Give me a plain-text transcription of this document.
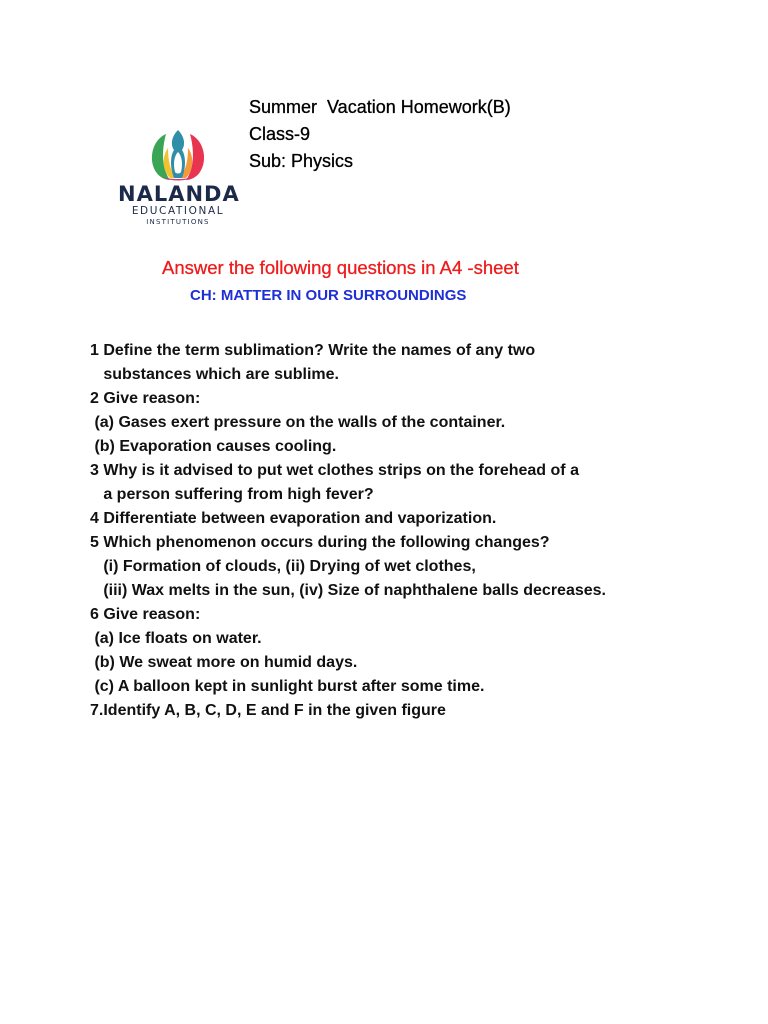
NALANDA
EDUCATIONAL
INSTITUTIONS
Summer  Vacation Homework(B)
Class-9
Sub: Physics
Answer the following questions in A4 -sheet
CH: MATTER IN OUR SURROUNDINGS
1 Define the term sublimation? Write the names of any two
substances which are sublime.
2 Give reason:
(a) Gases exert pressure on the walls of the container.
(b) Evaporation causes cooling.
3 Why is it advised to put wet clothes strips on the forehead of a
a person suffering from high fever?
4 Differentiate between evaporation and vaporization.
5 Which phenomenon occurs during the following changes?
(i) Formation of clouds, (ii) Drying of wet clothes,
(iii) Wax melts in the sun, (iv) Size of naphthalene balls decreases.
6 Give reason:
(a) Ice floats on water.
(b) We sweat more on humid days.
(c) A balloon kept in sunlight burst after some time.
7.Identify A, B, C, D, E and F in the given figure
